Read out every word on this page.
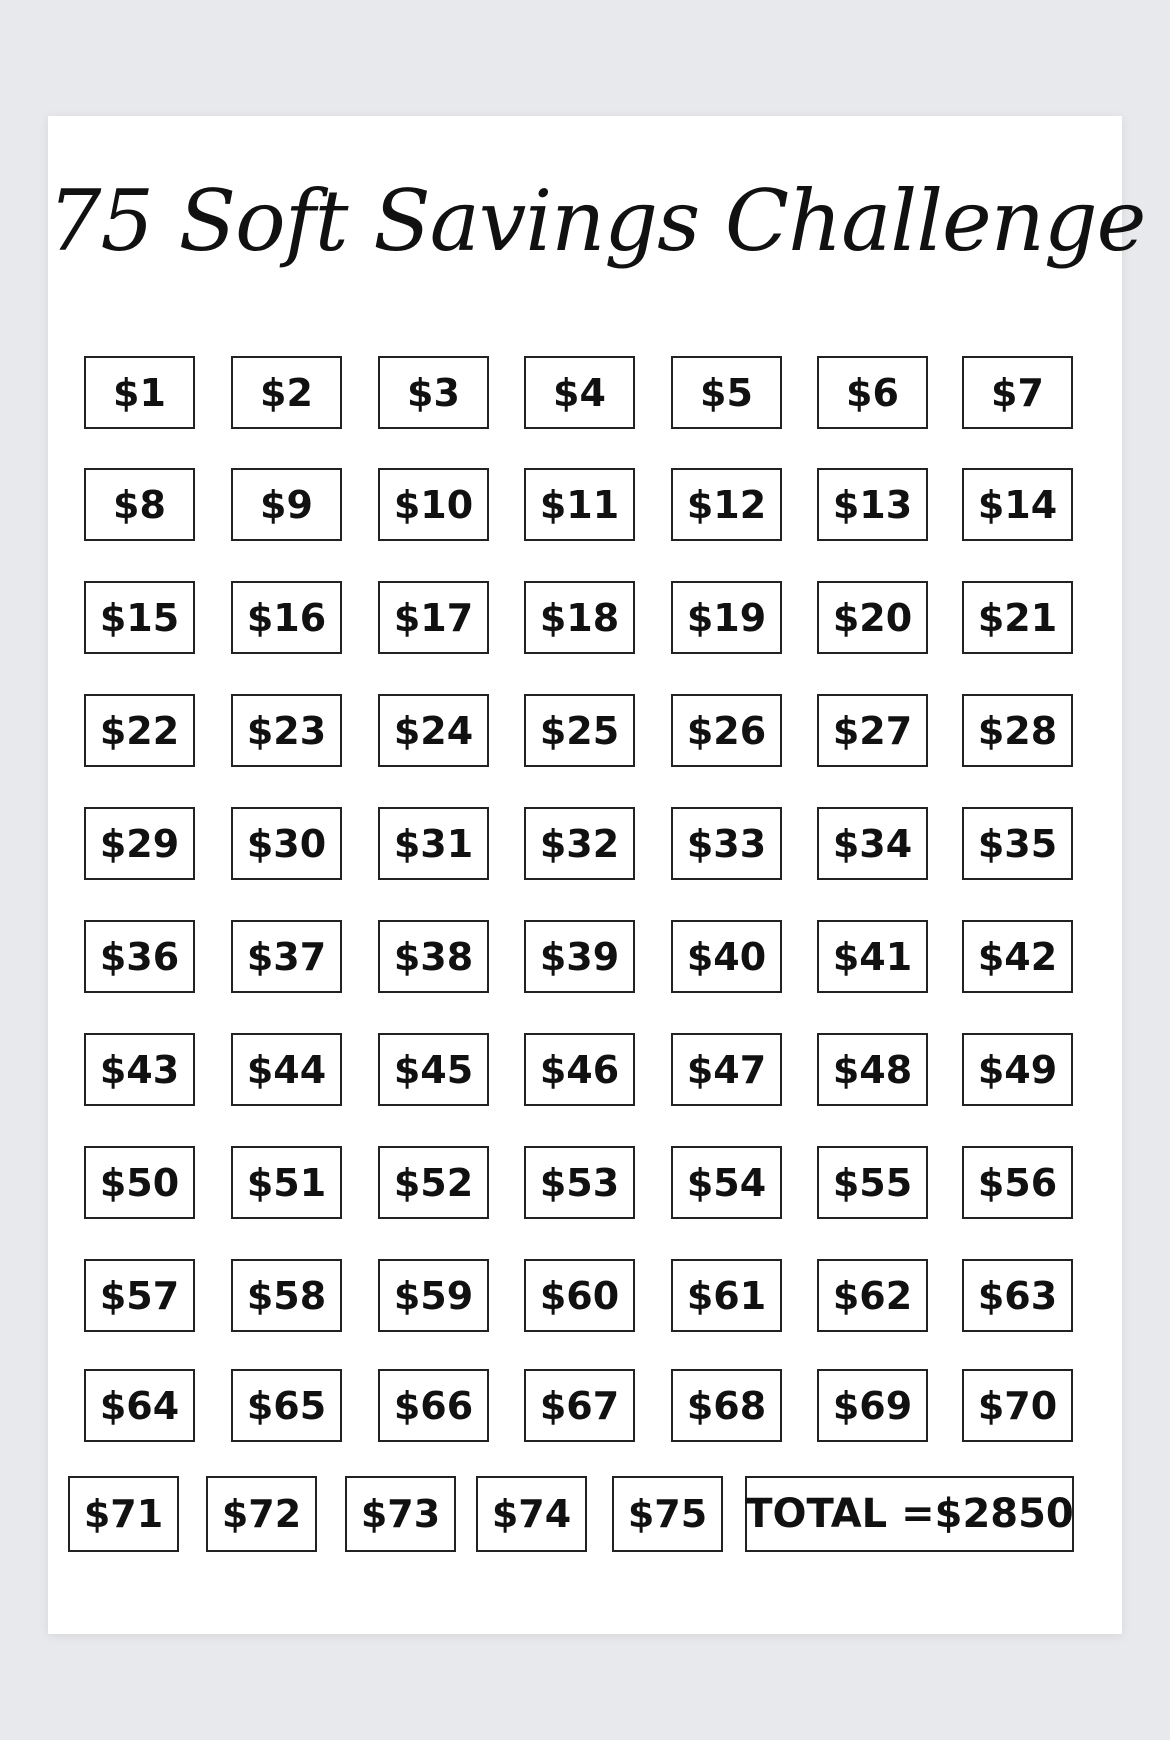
75 Soft Savings Challenge
$1	$2	$3	$4	$5	$6	$7
$8	$9	$10	$11	$12	$13	$14
$15	$16	$17	$18	$19	$20	$21
$22	$23	$24	$25	$26	$27	$28
$29	$30	$31	$32	$33	$34	$35
$36	$37	$38	$39	$40	$41	$42
$43	$44	$45	$46	$47	$48	$49
$50	$51	$52	$53	$54	$55	$56
$57	$58	$59	$60	$61	$62	$63
$64	$65	$66	$67	$68	$69	$70
$71	$72	$73	$74	$75 TOTAL =$2850
